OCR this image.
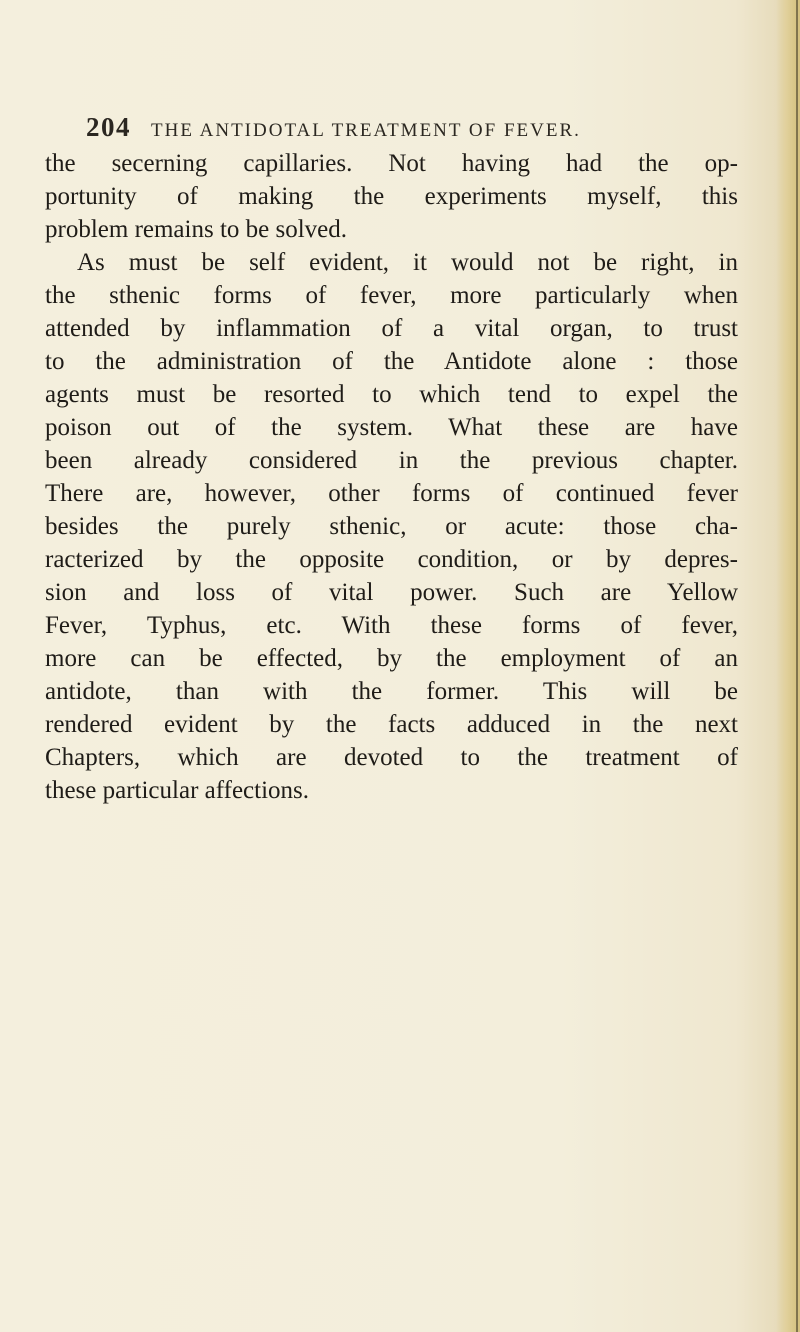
204 THE ANTIDOTAL TREATMENT OF FEVER.
the secerning capillaries. Not having had the op-
portunity of making the experiments myself, this
problem remains to be solved.
As must be self evident, it would not be right, in
the sthenic forms of fever, more particularly when
attended by inflammation of a vital organ, to trust
to the administration of the Antidote alone : those
agents must be resorted to which tend to expel the
poison out of the system. What these are have
been already considered in the previous chapter.
There are, however, other forms of continued fever
besides the purely sthenic, or acute: those cha-
racterized by the opposite condition, or by depres-
sion and loss of vital power. Such are Yellow
Fever, Typhus, etc. With these forms of fever,
more can be effected, by the employment of an
antidote, than with the former. This will be
rendered evident by the facts adduced in the next
Chapters, which are devoted to the treatment of
these particular affections.
